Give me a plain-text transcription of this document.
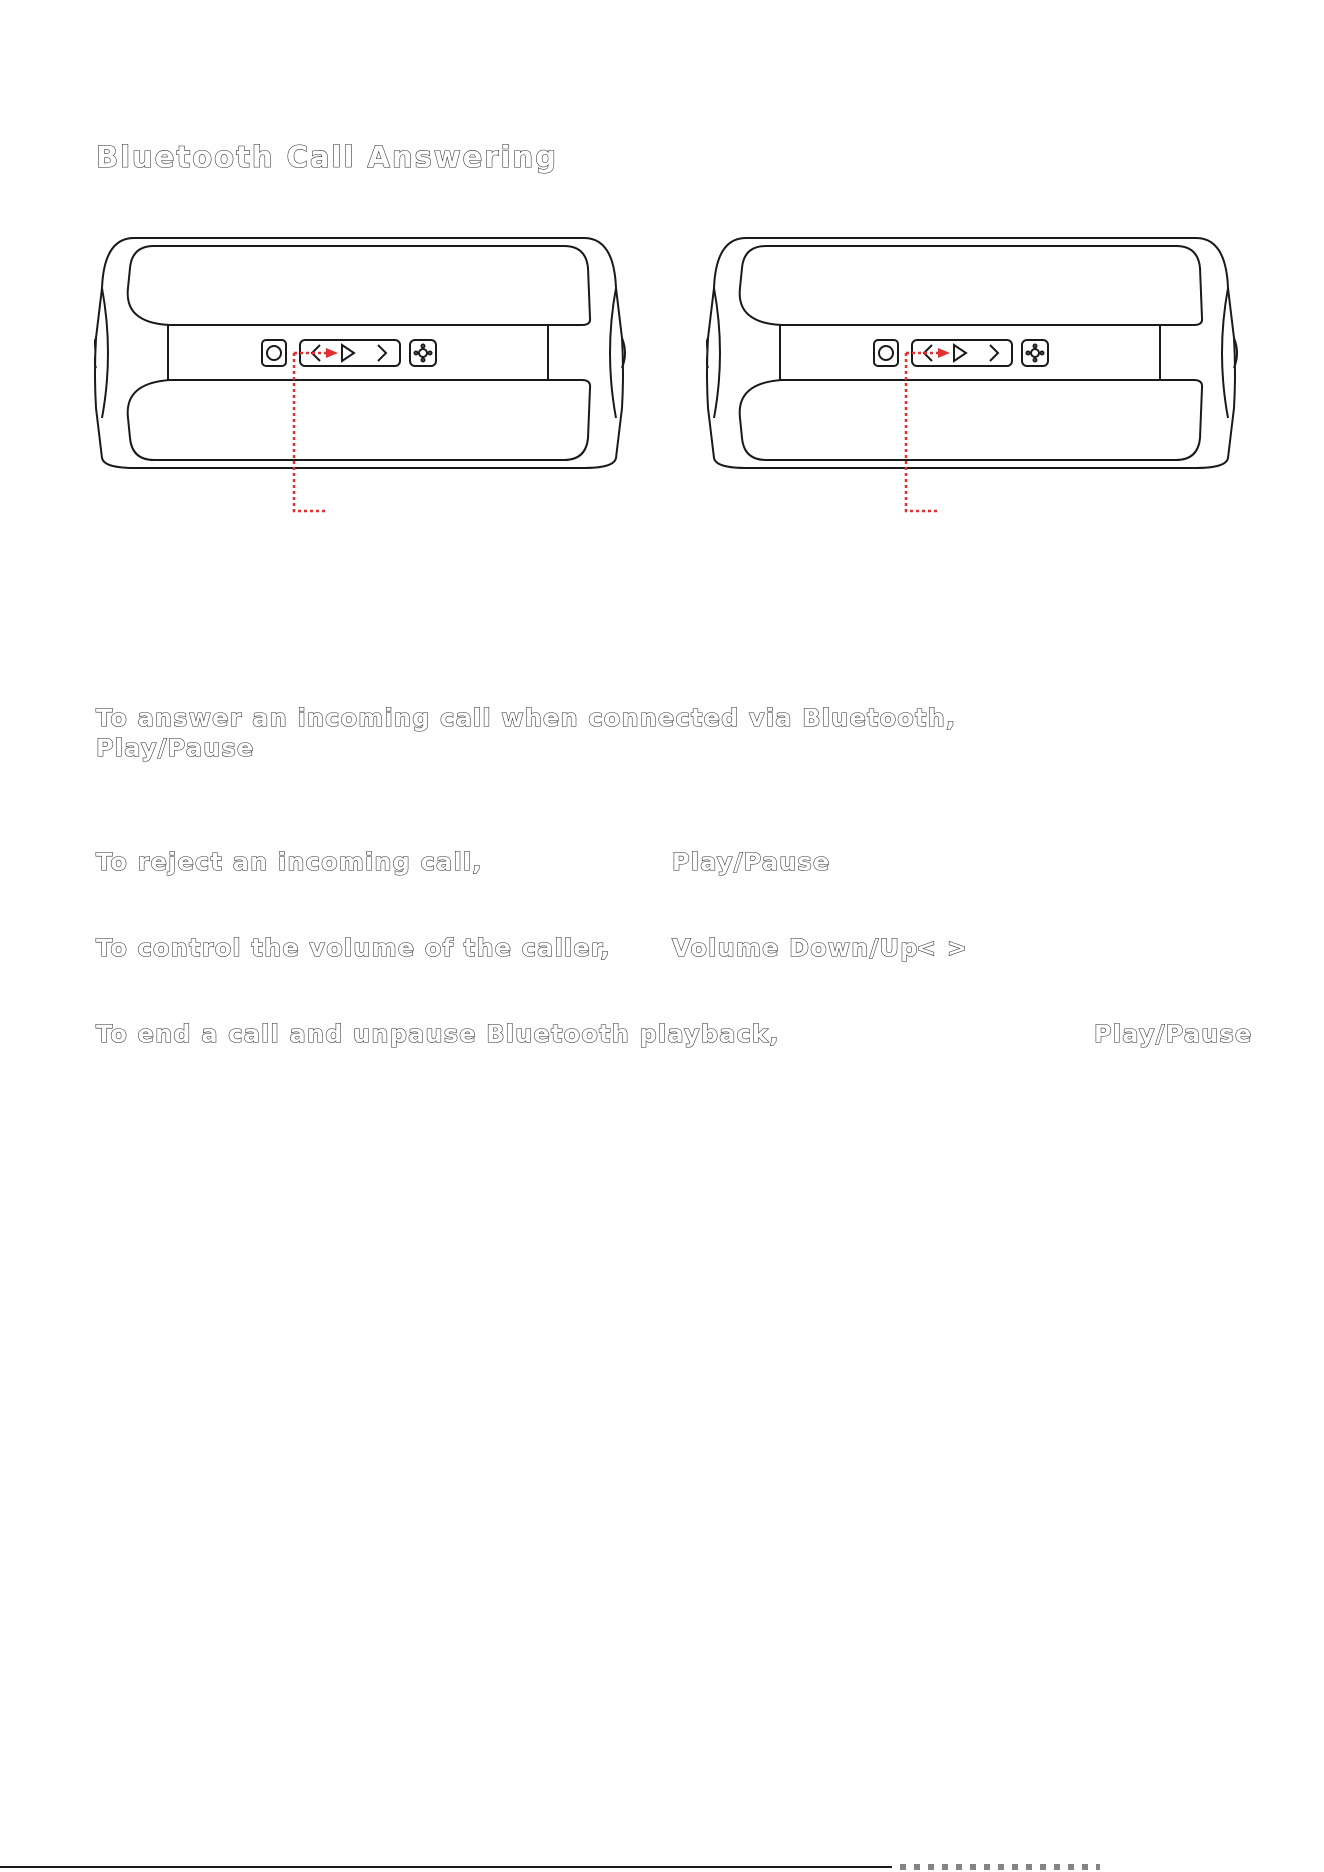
Bluetooth Call Answering
To answer an incoming call when connected via Bluetooth,
Play/Pause
To reject an incoming call,	Play/Pause
To control the volume of the caller,	Volume Down/Up
< >
To end a call and unpause Bluetooth playback,	Play/Pause
